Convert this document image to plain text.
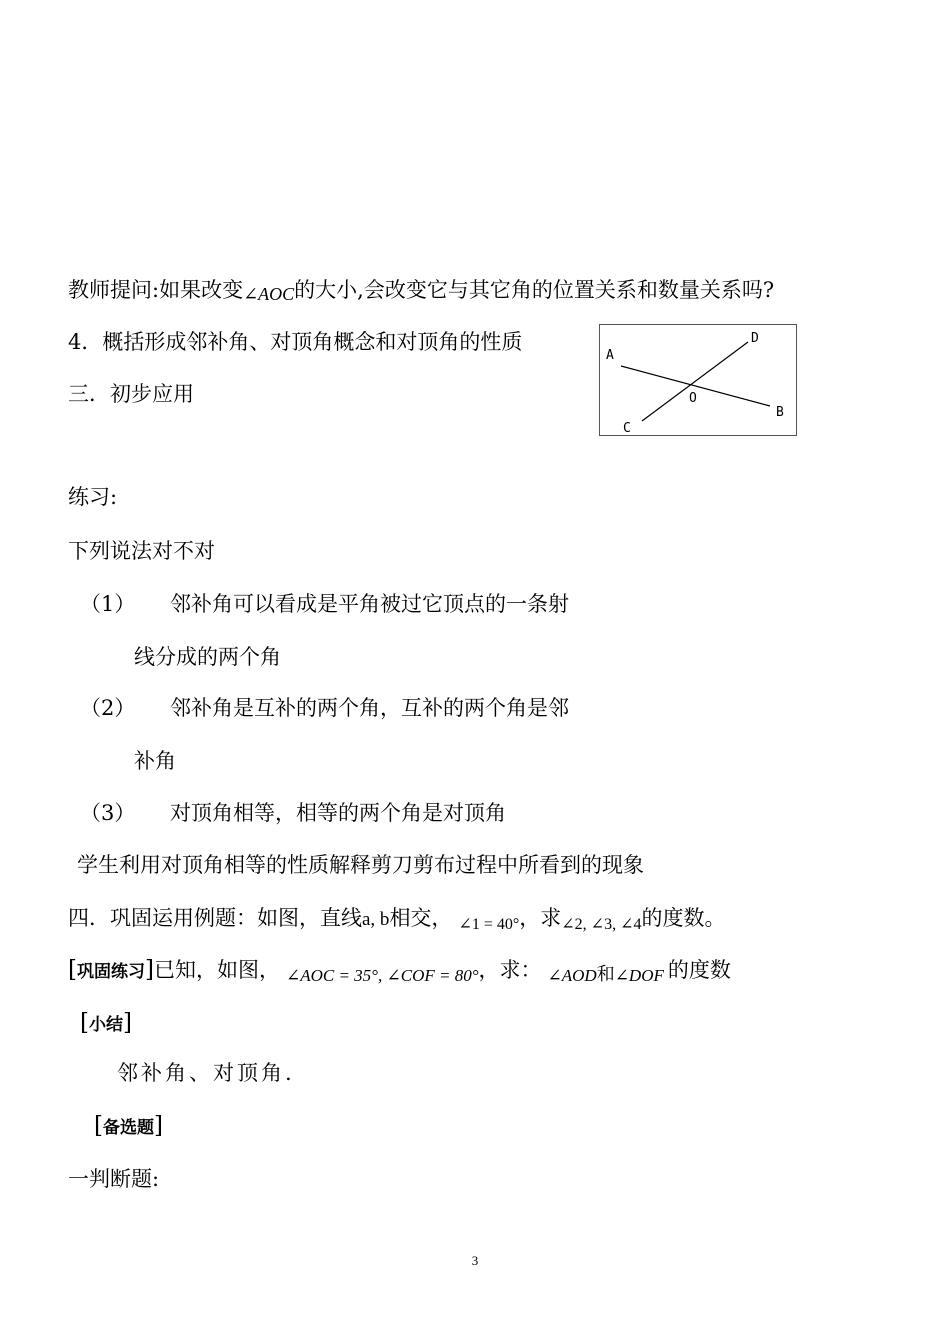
教师提问:如果改变∠AOC的大小,会改变它与其它角的位置关系和数量关系吗?
4．概括形成邻补角、对顶角概念和对顶角的性质
三．初步应用
A
B
C
D
O
练习:
下列说法对不对
（1） 邻补角可以看成是平角被过它顶点的一条射
线分成的两个角
（2） 邻补角是互补的两个角，互补的两个角是邻
补角
（3） 对顶角相等，相等的两个角是对顶角
学生利用对顶角相等的性质解释剪刀剪布过程中所看到的现象
四．巩固运用例题：如图，直线a, b相交， ∠1 = 40°，求∠2, ∠3, ∠4的度数。
[巩固练习]已知，如图， ∠AOC = 35°, ∠COF = 80°，求： ∠AOD和∠DOF 的度数
[小结]
邻补角、对顶角.
[备选题]
一判断题:
3
